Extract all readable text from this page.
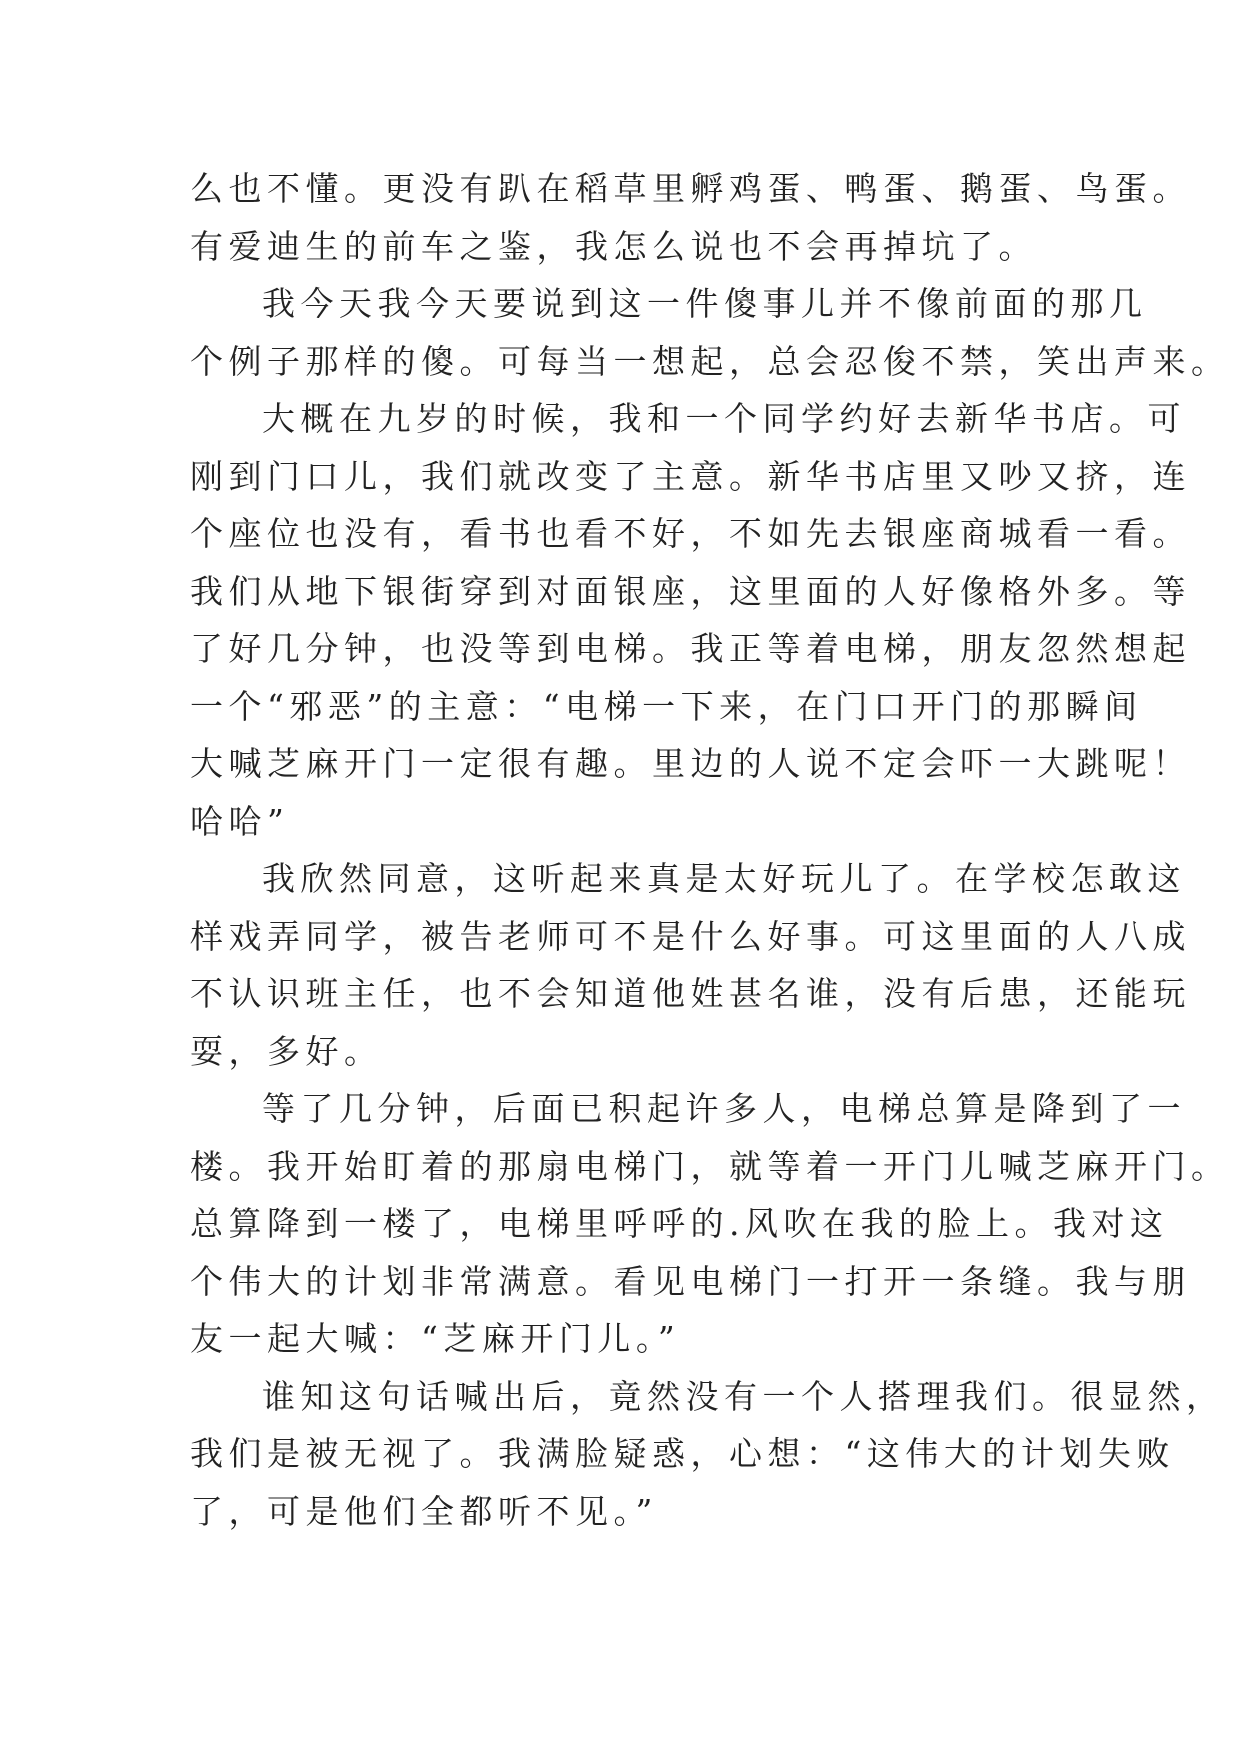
么也不懂。更没有趴在稻草里孵鸡蛋、鸭蛋、鹅蛋、鸟蛋。
有爱迪生的前车之鉴，我怎么说也不会再掉坑了。
我今天我今天要说到这一件傻事儿并不像前面的那几
个例子那样的傻。可每当一想起，总会忍俊不禁，笑出声来。
大概在九岁的时候，我和一个同学约好去新华书店。可
刚到门口儿，我们就改变了主意。新华书店里又吵又挤，连
个座位也没有，看书也看不好，不如先去银座商城看一看。
我们从地下银街穿到对面银座，这里面的人好像格外多。等
了好几分钟，也没等到电梯。我正等着电梯，朋友忽然想起
一个“邪恶”的主意：“电梯一下来，在门口开门的那瞬间
大喊芝麻开门一定很有趣。里边的人说不定会吓一大跳呢！
哈哈”
我欣然同意，这听起来真是太好玩儿了。在学校怎敢这
样戏弄同学，被告老师可不是什么好事。可这里面的人八成
不认识班主任，也不会知道他姓甚名谁，没有后患，还能玩
耍，多好。
等了几分钟，后面已积起许多人，电梯总算是降到了一
楼。我开始盯着的那扇电梯门，就等着一开门儿喊芝麻开门。
总算降到一楼了，电梯里呼呼的.风吹在我的脸上。我对这
个伟大的计划非常满意。看见电梯门一打开一条缝。我与朋
友一起大喊：“芝麻开门儿。”
谁知这句话喊出后，竟然没有一个人搭理我们。很显然，
我们是被无视了。我满脸疑惑，心想：“这伟大的计划失败
了，可是他们全都听不见。”
